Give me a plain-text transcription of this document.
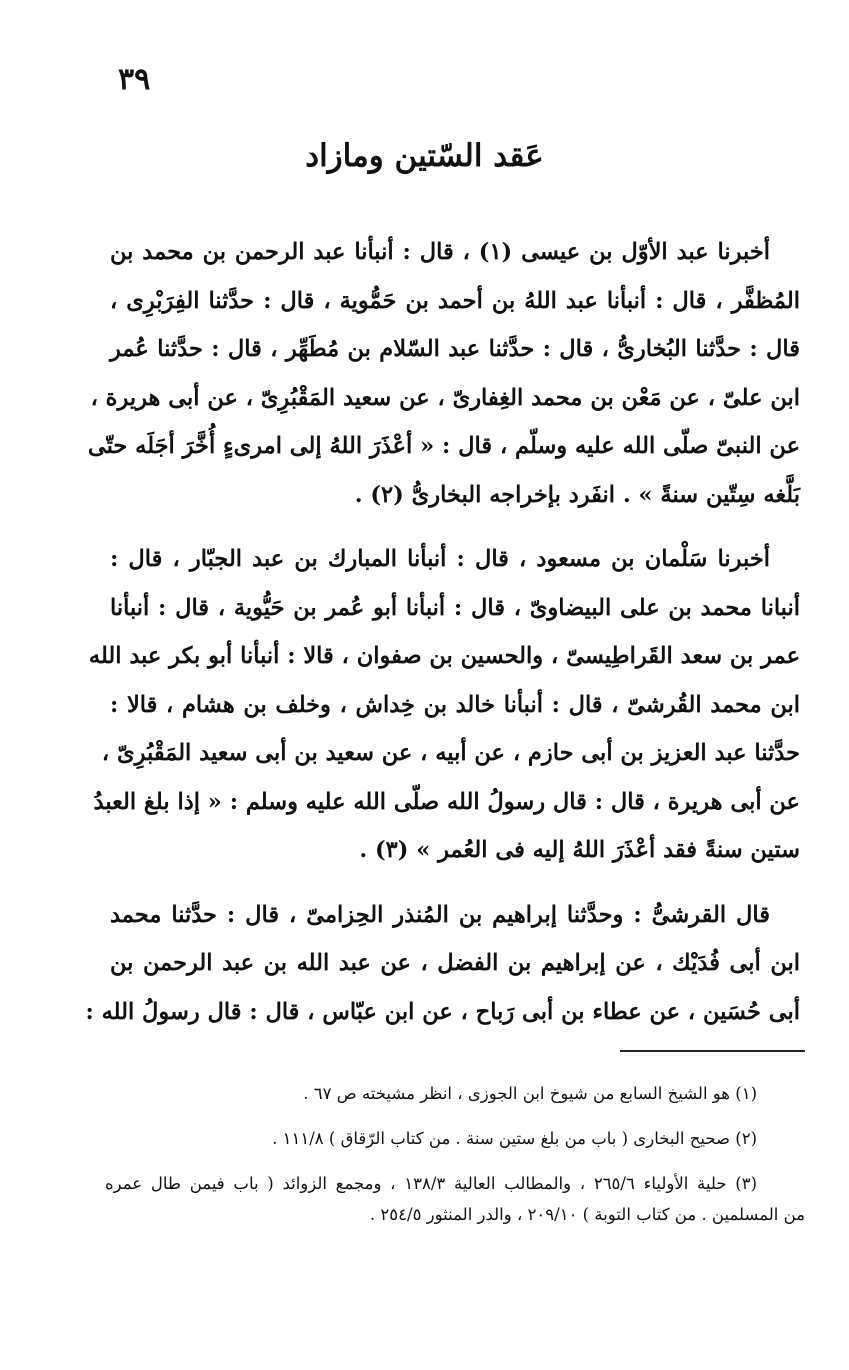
٣٩
عَقد السّتين ومازاد
أخبرنا عبد الأوّل بن عيسى (١) ، قال : أنبأنا عبد الرحمن بن محمد بن
المُظفَّر ، قال : أنبأنا عبد اللهُ بن أحمد بن حَمُّوية ، قال : حدَّثنا الفِرَبْرِى ،
قال : حدَّثنا البُخارىُّ ، قال : حدَّثنا عبد السّلام بن مُطَهِّر ، قال : حدَّثنا عُمر
ابن علىّ ، عن مَعْن بن محمد الغِفارىّ ، عن سعيد المَقْبُرِىّ ، عن أبى هريرة ،
عن النبىّ صلّى الله عليه وسلّم ، قال : « أعْذَرَ اللهُ إلى امرىءٍ أُخَّرَ أجَلَه حتّى
بَلَّغه سِتّين سنةً » . انفَرد بإخراجه البخارىُّ (٢) .
أخبرنا سَلْمان بن مسعود ، قال : أنبأنا المبارك بن عبد الجبّار ، قال :
أنبانا محمد بن على البيضاوىّ ، قال : أنبأنا أبو عُمر بن حَيُّوية ، قال : أنبأنا
عمر بن سعد القَراطِيسىّ ، والحسين بن صفوان ، قالا : أنبأنا أبو بكر عبد الله
ابن محمد القُرشىّ ، قال : أنبأنا خالد بن خِداش ، وخلف بن هشام ، قالا :
حدَّثنا عبد العزيز بن أبى حازم ، عن أبيه ، عن سعيد بن أبى سعيد المَقْبُرِىّ ،
عن أبى هريرة ، قال : قال رسولُ الله صلّى الله عليه وسلم : « إذا بلغ العبدُ
ستين سنةً فقد أعْذَرَ اللهُ إليه فى العُمر » (٣) .
قال القرشىُّ : وحدَّثنا إبراهيم بن المُنذر الحِزامىّ ، قال : حدَّثنا محمد
ابن أبى فُدَيْك ، عن إبراهيم بن الفضل ، عن عبد الله بن عبد الرحمن بن
أبى حُسَين ، عن عطاء بن أبى رَباح ، عن ابن عبّاس ، قال : قال رسولُ الله :
(١) هو الشيخ السابع من شيوخ ابن الجوزى ، انظر مشيخته ص ٦٧ .
(٢) صحيح البخارى ( باب من بلغ ستين سنة . من كتاب الرّقاق ) ١١١/٨ .
(٣) حلية الأولياء ٢٦٥/٦ ، والمطالب العالية ١٣٨/٣ ، ومجمع الزوائد ( باب فيمن طال عمره
من المسلمين . من كتاب التوبة ) ٢٠٩/١٠ ، والدر المنثور ٢٥٤/٥ .
